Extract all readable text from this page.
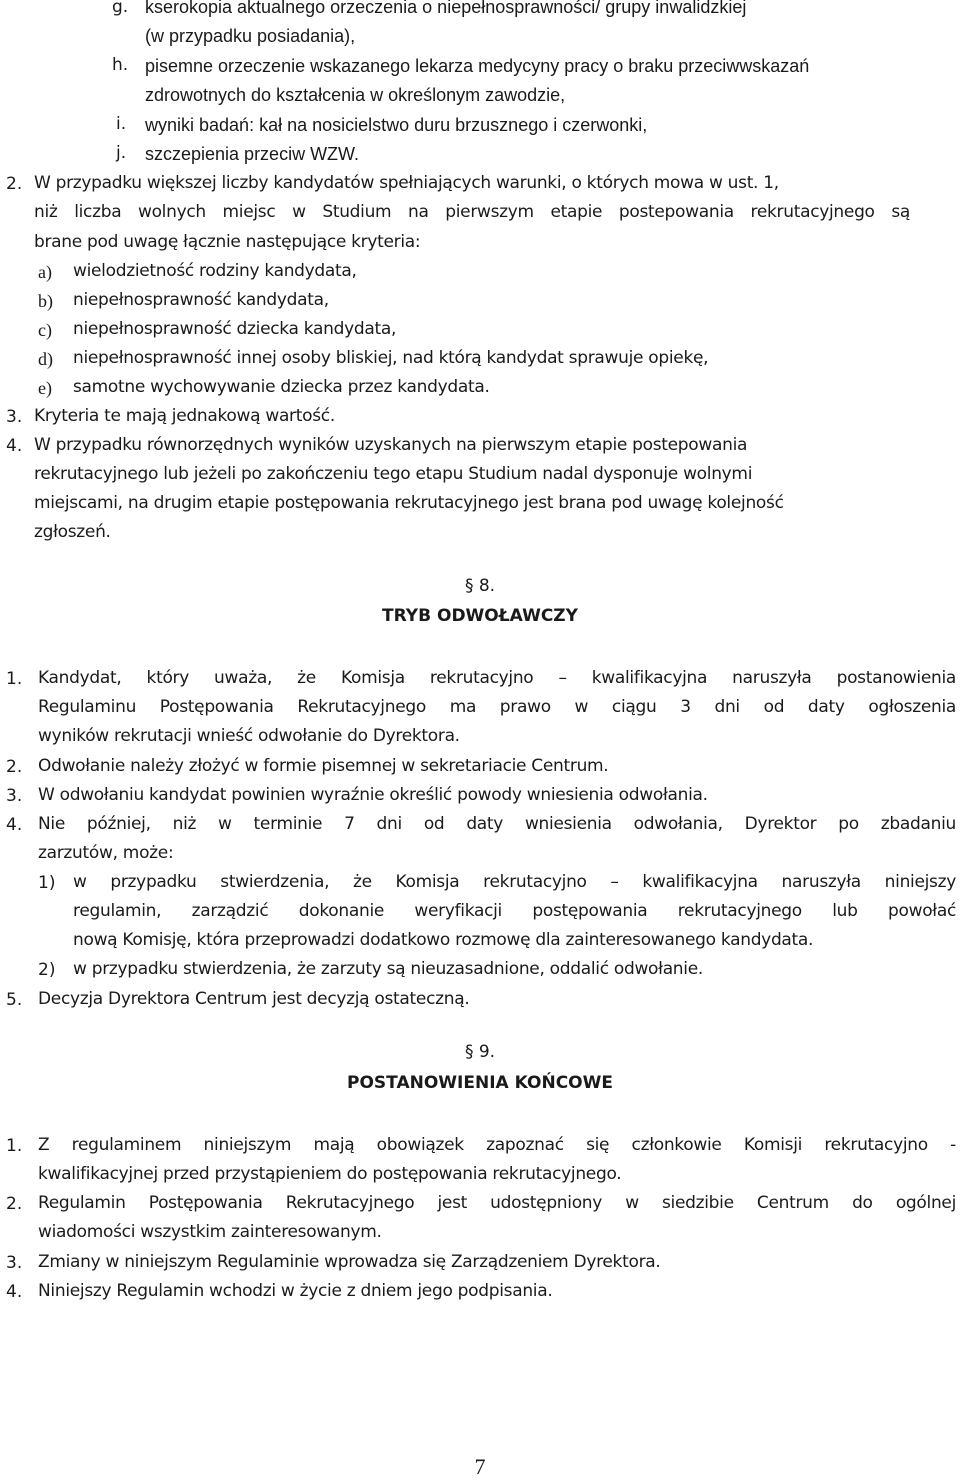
g. kserokopia aktualnego orzeczenia o niepełnosprawności/ grupy inwalidzkiej
(w przypadku posiadania),
h. pisemne orzeczenie wskazanego lekarza medycyny pracy o braku przeciwwskazań
zdrowotnych do kształcenia w określonym zawodzie,
i. wyniki badań: kał na nosicielstwo duru brzusznego i czerwonki,
j. szczepienia przeciw WZW.
2. W przypadku większej liczby kandydatów spełniających warunki, o których mowa w ust. 1,
niż liczba wolnych miejsc w Studium na pierwszym etapie postepowania rekrutacyjnego są
brane pod uwagę łącznie następujące kryteria:
a) wielodzietność rodziny kandydata,
b) niepełnosprawność kandydata,
c) niepełnosprawność dziecka kandydata,
d) niepełnosprawność innej osoby bliskiej, nad którą kandydat sprawuje opiekę,
e) samotne wychowywanie dziecka przez kandydata.
3. Kryteria te mają jednakową wartość.
4. W przypadku równorzędnych wyników uzyskanych na pierwszym etapie postepowania
rekrutacyjnego lub jeżeli po zakończeniu tego etapu Studium nadal dysponuje wolnymi
miejscami, na drugim etapie postępowania rekrutacyjnego jest brana pod uwagę kolejność
zgłoszeń.
§ 8.
TRYB ODWOŁAWCZY
1. Kandydat, który uważa, że Komisja rekrutacyjno – kwalifikacyjna naruszyła postanowienia
Regulaminu Postępowania Rekrutacyjnego ma prawo w ciągu 3 dni od daty ogłoszenia
wyników rekrutacji wnieść odwołanie do Dyrektora.
2. Odwołanie należy złożyć w formie pisemnej w sekretariacie Centrum.
3. W odwołaniu kandydat powinien wyraźnie określić powody wniesienia odwołania.
4. Nie później, niż w terminie 7 dni od daty wniesienia odwołania, Dyrektor po zbadaniu
zarzutów, może:
1) w przypadku stwierdzenia, że Komisja rekrutacyjno – kwalifikacyjna naruszyła niniejszy
regulamin, zarządzić dokonanie weryfikacji postępowania rekrutacyjnego lub powołać
nową Komisję, która przeprowadzi dodatkowo rozmowę dla zainteresowanego kandydata.
2) w przypadku stwierdzenia, że zarzuty są nieuzasadnione, oddalić odwołanie.
5. Decyzja Dyrektora Centrum jest decyzją ostateczną.
§ 9.
POSTANOWIENIA KOŃCOWE
1. Z regulaminem niniejszym mają obowiązek zapoznać się członkowie Komisji rekrutacyjno -
kwalifikacyjnej przed przystąpieniem do postępowania rekrutacyjnego.
2. Regulamin Postępowania Rekrutacyjnego jest udostępniony w siedzibie Centrum do ogólnej
wiadomości wszystkim zainteresowanym.
3. Zmiany w niniejszym Regulaminie wprowadza się Zarządzeniem Dyrektora.
4. Niniejszy Regulamin wchodzi w życie z dniem jego podpisania.
7
